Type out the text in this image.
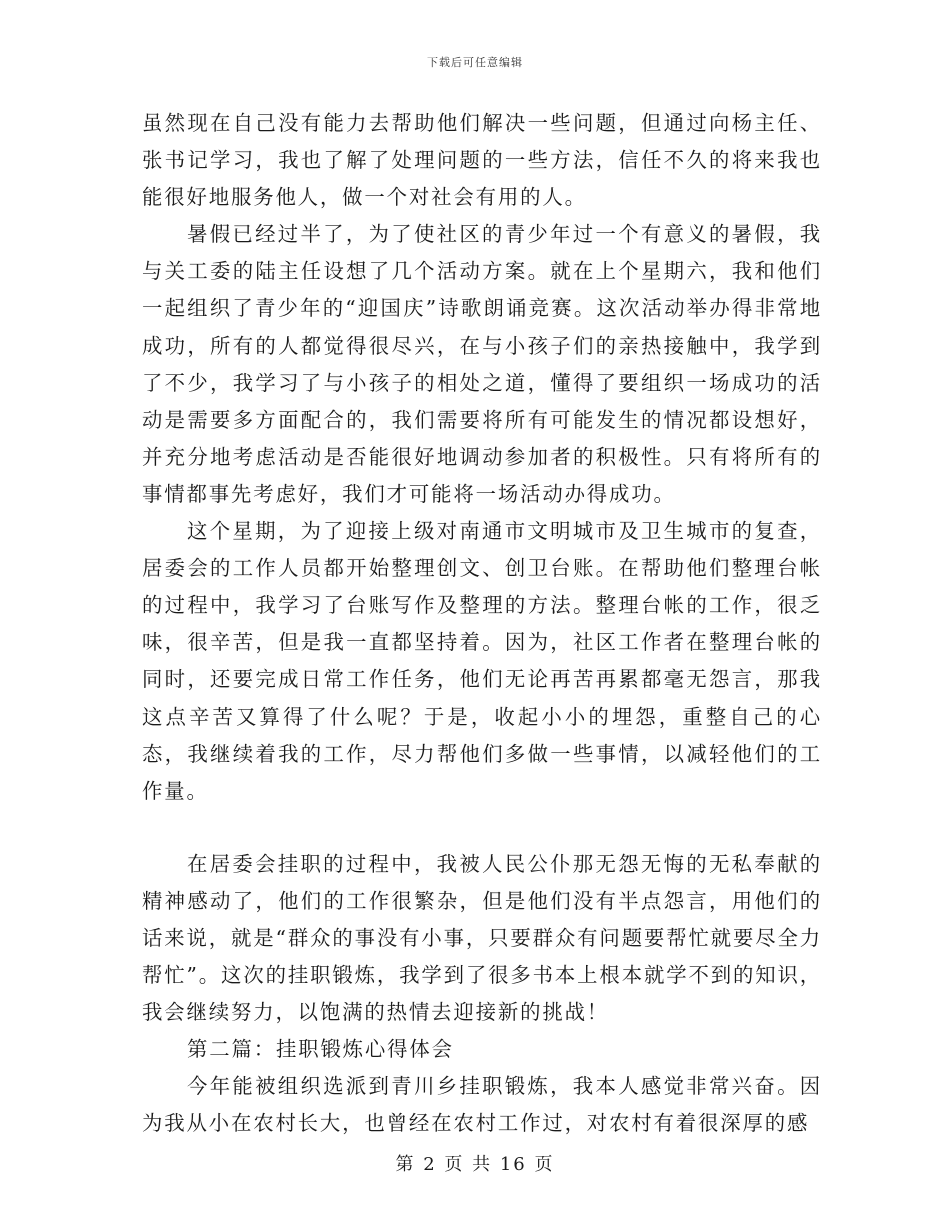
下载后可任意编辑

虽然现在自己没有能力去帮助他们解决一些问题，但通过向杨主任、张书记学习，我也了解了处理问题的一些方法，信任不久的将来我也能很好地服务他人，做一个对社会有用的人。

暑假已经过半了，为了使社区的青少年过一个有意义的暑假，我与关工委的陆主任设想了几个活动方案。就在上个星期六，我和他们一起组织了青少年的“迎国庆”诗歌朗诵竞赛。这次活动举办得非常地成功，所有的人都觉得很尽兴，在与小孩子们的亲热接触中，我学到了不少，我学习了与小孩子的相处之道，懂得了要组织一场成功的活动是需要多方面配合的，我们需要将所有可能发生的情况都设想好，并充分地考虑活动是否能很好地调动参加者的积极性。只有将所有的事情都事先考虑好，我们才可能将一场活动办得成功。

这个星期，为了迎接上级对南通市文明城市及卫生城市的复查，居委会的工作人员都开始整理创文、创卫台账。在帮助他们整理台帐的过程中，我学习了台账写作及整理的方法。整理台帐的工作，很乏味，很辛苦，但是我一直都坚持着。因为，社区工作者在整理台帐的同时，还要完成日常工作任务，他们无论再苦再累都毫无怨言，那我这点辛苦又算得了什么呢？于是，收起小小的埋怨，重整自己的心态，我继续着我的工作，尽力帮他们多做一些事情，以减轻他们的工作量。

在居委会挂职的过程中，我被人民公仆那无怨无悔的无私奉献的精神感动了，他们的工作很繁杂，但是他们没有半点怨言，用他们的话来说，就是“群众的事没有小事，只要群众有问题要帮忙就要尽全力帮忙”。这次的挂职锻炼，我学到了很多书本上根本就学不到的知识，我会继续努力，以饱满的热情去迎接新的挑战！

第二篇：挂职锻炼心得体会

今年能被组织选派到青川乡挂职锻炼，我本人感觉非常兴奋。因为我从小在农村长大，也曾经在农村工作过，对农村有着很深厚的感

第 2 页 共 16 页
